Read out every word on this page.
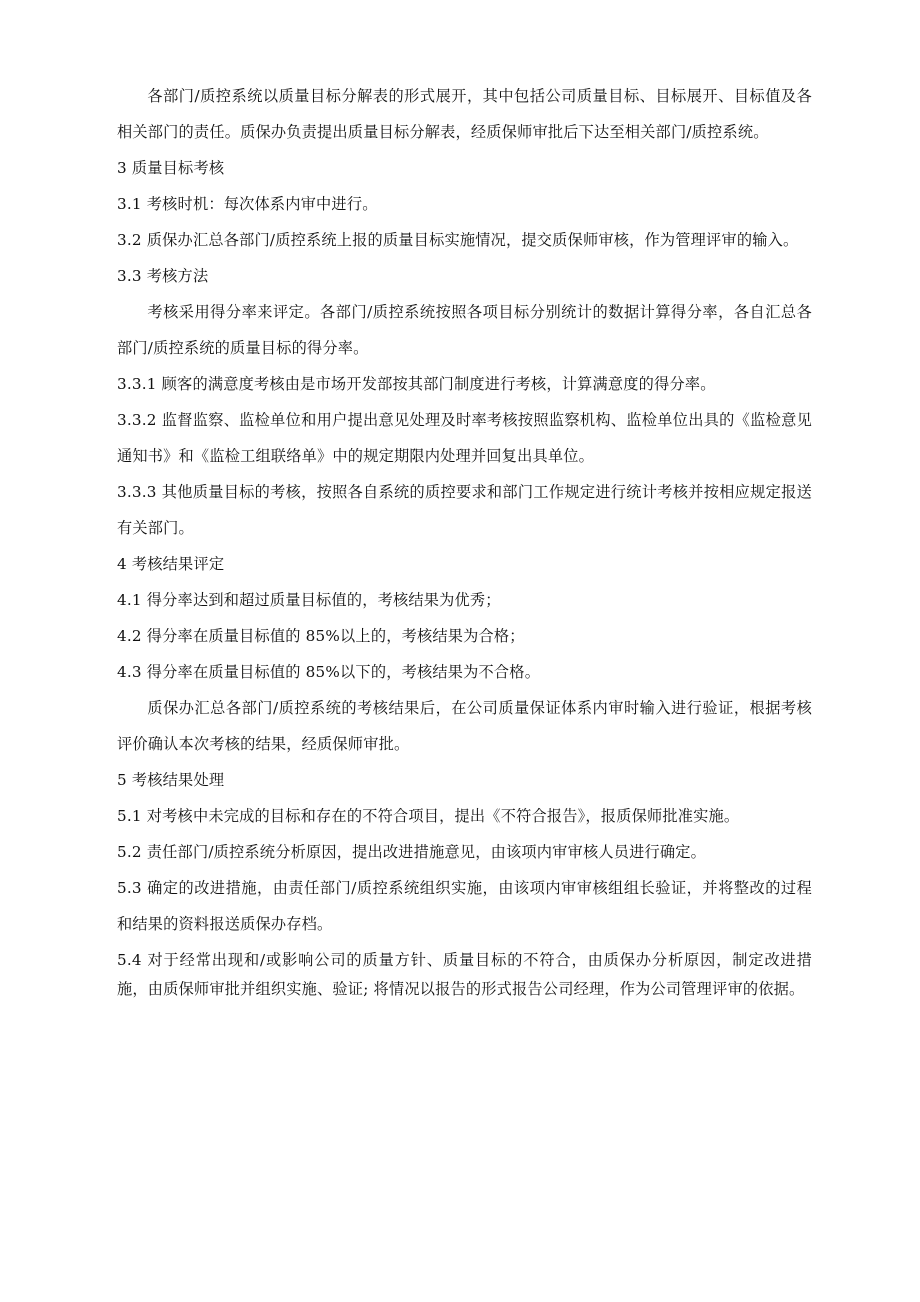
各部门/质控系统以质量目标分解表的形式展开，其中包括公司质量目标、目标展开、目标值及各相关部门的责任。质保办负责提出质量目标分解表，经质保师审批后下达至相关部门/质控系统。

3 质量目标考核

3.1 考核时机：每次体系内审中进行。

3.2 质保办汇总各部门/质控系统上报的质量目标实施情况，提交质保师审核，作为管理评审的输入。

3.3 考核方法

考核采用得分率来评定。各部门/质控系统按照各项目标分别统计的数据计算得分率，各自汇总各部门/质控系统的质量目标的得分率。

3.3.1 顾客的满意度考核由是市场开发部按其部门制度进行考核，计算满意度的得分率。

3.3.2 监督监察、监检单位和用户提出意见处理及时率考核按照监察机构、监检单位出具的《监检意见通知书》和《监检工组联络单》中的规定期限内处理并回复出具单位。

3.3.3 其他质量目标的考核，按照各自系统的质控要求和部门工作规定进行统计考核并按相应规定报送有关部门。

4 考核结果评定

4.1 得分率达到和超过质量目标值的，考核结果为优秀；

4.2 得分率在质量目标值的 85%以上的，考核结果为合格；

4.3 得分率在质量目标值的 85%以下的，考核结果为不合格。

质保办汇总各部门/质控系统的考核结果后，在公司质量保证体系内审时输入进行验证，根据考核评价确认本次考核的结果，经质保师审批。

5 考核结果处理

5.1 对考核中未完成的目标和存在的不符合项目，提出《不符合报告》，报质保师批准实施。

5.2 责任部门/质控系统分析原因，提出改进措施意见，由该项内审审核人员进行确定。

5.3 确定的改进措施，由责任部门/质控系统组织实施，由该项内审审核组组长验证，并将整改的过程和结果的资料报送质保办存档。

5.4 对于经常出现和/或影响公司的质量方针、质量目标的不符合，由质保办分析原因，制定改进措施，由质保师审批并组织实施、验证; 将情况以报告的形式报告公司经理，作为公司管理评审的依据。
